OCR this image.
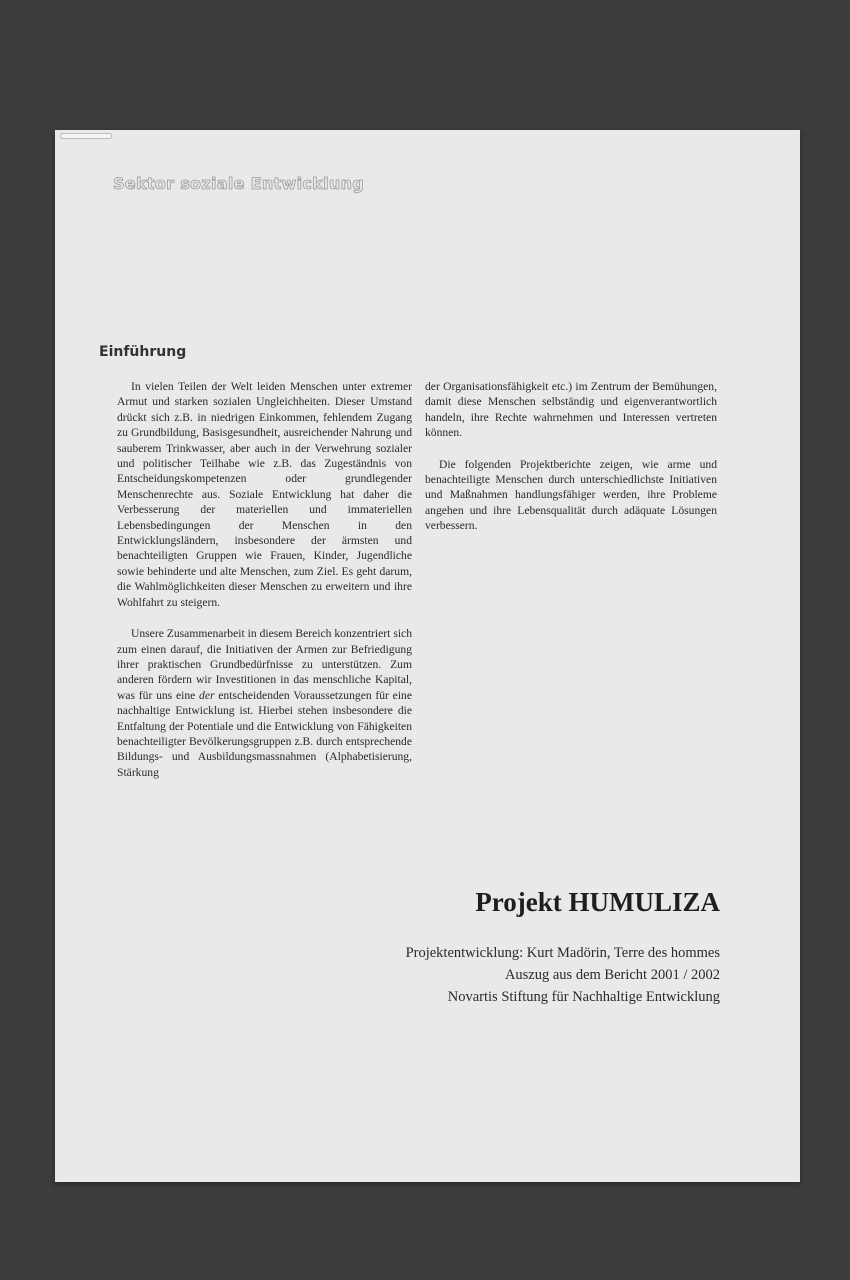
Sektor soziale Entwicklung
Einführung

In vielen Teilen der Welt leiden Menschen unter extremer Armut und starken sozialen Ungleichheiten. Dieser Umstand drückt sich z.B. in niedrigen Einkommen, fehlendem Zugang zu Grundbildung, Basisgesundheit, ausreichender Nahrung und sauberem Trinkwasser, aber auch in der Verwehrung sozialer und politischer Teilhabe wie z.B. das Zugeständnis von Entscheidungskompetenzen oder grundlegender Menschenrechte aus. Soziale Entwicklung hat daher die Verbesserung der materiellen und immateriellen Lebensbedingungen der Menschen in den Entwicklungsländern, insbesondere der ärmsten und benachteiligten Gruppen wie Frauen, Kinder, Jugendliche sowie behinderte und alte Menschen, zum Ziel. Es geht darum, die Wahlmöglichkeiten dieser Menschen zu erweitern und ihre Wohlfahrt zu steigern.

Unsere Zusammenarbeit in diesem Bereich konzentriert sich zum einen darauf, die Initiativen der Armen zur Befriedigung ihrer praktischen Grundbedürfnisse zu unterstützen. Zum anderen fördern wir Investitionen in das menschliche Kapital, was für uns eine der entscheidenden Voraussetzungen für eine nachhaltige Entwicklung ist. Hierbei stehen insbesondere die Entfaltung der Potentiale und die Entwicklung von Fähigkeiten benachteiligter Bevölkerungsgruppen z.B. durch entsprechende Bildungs- und Ausbildungsmassnahmen (Alphabetisierung, Stärkung

der Organisationsfähigkeit etc.) im Zentrum der Bemühungen, damit diese Menschen selbständig und eigenverantwortlich handeln, ihre Rechte wahrnehmen und Interessen vertreten können.

Die folgenden Projektberichte zeigen, wie arme und benachteiligte Menschen durch unterschiedlichste Initiativen und Maßnahmen handlungsfähiger werden, ihre Probleme angehen und ihre Lebensqualität durch adäquate Lösungen verbessern.

Projekt HUMULIZA
Projektentwicklung: Kurt Madörin, Terre des hommes
Auszug aus dem Bericht 2001 / 2002
Novartis Stiftung für Nachhaltige Entwicklung
